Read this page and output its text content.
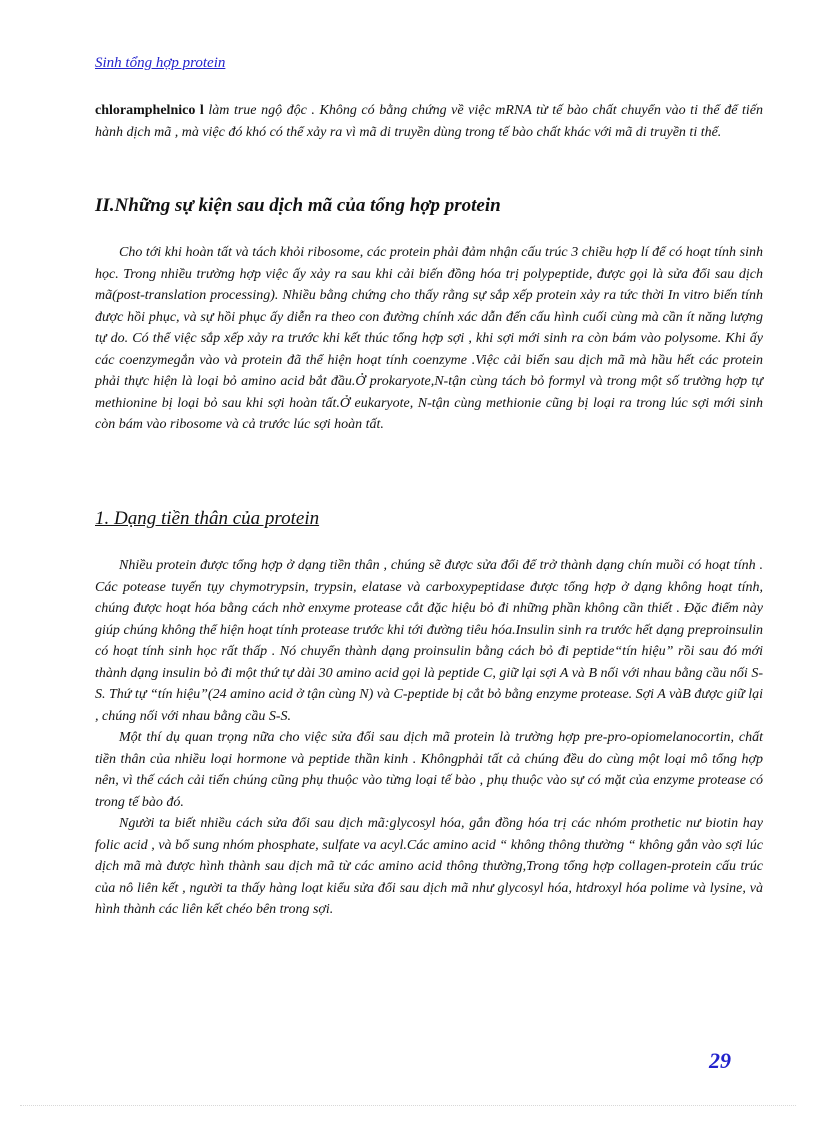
Sinh tổng hợp protein
chloramphelnico l làm true ngộ độc . Không có bằng chứng về việc mRNA từ tế bào chất chuyển vào ti thể để tiến hành dịch mã , mà việc đó khó có thể xảy ra vì mã di truyền dùng trong tế bào chất khác với mã di truyền ti thể.
II.Những sự kiện sau dịch mã của tổng hợp protein

Cho tới khi hoàn tất và tách khỏi ribosome, các protein phải đảm nhận cấu trúc 3 chiều hợp lí để có hoạt tính sinh học. Trong nhiều trường hợp việc ấy xảy ra sau khi cải biến đồng hóa trị polypeptide, được gọi là sửa đổi sau dịch mã(post-translation processing). Nhiều bằng chứng cho thấy rằng sự sắp xếp protein xảy ra tức thời In vitro biến tính được hồi phục, và sự hồi phục ấy diễn ra theo con đường chính xác dẫn đến cấu hình cuối cùng mà cần ít năng lượng tự do. Có thể việc sắp xếp xảy ra trước khi kết thúc tổng hợp sợi , khi sợi mới sinh ra còn bám vào polysome. Khi ấy các coenzymegắn vào và protein đã thể hiện hoạt tính coenzyme .Việc cải biến sau dịch mã mà hầu hết các protein phải thực hiện là loại bỏ amino acid bắt đầu.Ở prokaryote,N-tận cùng tách bỏ formyl và trong một số trường hợp tự methionine bị loại bỏ sau khi sợi hoàn tất.Ở eukaryote, N-tận cùng methionie cũng bị loại ra trong lúc sợi mới sinh còn bám vào ribosome và cả trước lúc sợi hoàn tất.

1. Dạng tiền thân của protein

Nhiều protein được tổng hợp ở dạng tiền thân , chúng sẽ được sửa đổi để trở thành dạng chín muồi có hoạt tính . Các potease tuyến tụy chymotrypsin, trypsin, elatase và carboxypeptidase được tổng hợp ở dạng không hoạt tính, chúng được hoạt hóa bằng cách nhờ enxyme protease cắt đặc hiệu bỏ đi những phần không cần thiết . Đặc điểm này giúp chúng không thể hiện hoạt tính protease trước khi tới đường tiêu hóa.Insulin sinh ra trước hết dạng preproinsulin có hoạt tính sinh học rất thấp . Nó chuyển thành dạng proinsulin bằng cách bỏ đi peptide“tín hiệu” rồi sau đó mới thành dạng insulin bỏ đi một thứ tự dài 30 amino acid gọi là peptide C, giữ lại sợi A và B nối với nhau bằng cầu nối S-S. Thứ tự “tín hiệu”(24 amino acid ở tận cùng N) và C-peptide bị cắt bỏ bằng enzyme protease. Sợi A vàB được giữ lại , chúng nối với nhau bằng cầu S-S.

Một thí dụ quan trọng nữa cho việc sửa đổi sau dịch mã protein là trường hợp pre-pro-opiomelanocortin, chất tiền thân của nhiều loại hormone và peptide thần kinh . Khôngphải tất cả chúng đều do cùng một loại mô tổng hợp nên, vì thế cách cải tiến chúng cũng phụ thuộc vào từng loại tế bào , phụ thuộc vào sự có mặt của enzyme protease có trong tế bào đó.

Người ta biết nhiều cách sửa đổi sau dịch mã:glycosyl hóa, gắn đồng hóa trị các nhóm prothetic nư biotin hay folic acid , và bổ sung nhóm phosphate, sulfate va acyl.Các amino acid “ không thông thường “ không gắn vào sợi lúc dịch mã mà được hình thành sau dịch mã từ các amino acid thông thường,Trong tổng hợp collagen-protein cấu trúc của nô liên kết , người ta thấy hàng loạt kiểu sửa đổi sau dịch mã như glycosyl hóa, htdroxyl hóa polime và lysine, và hình thành các liên kết chéo bên trong sợi.

29
